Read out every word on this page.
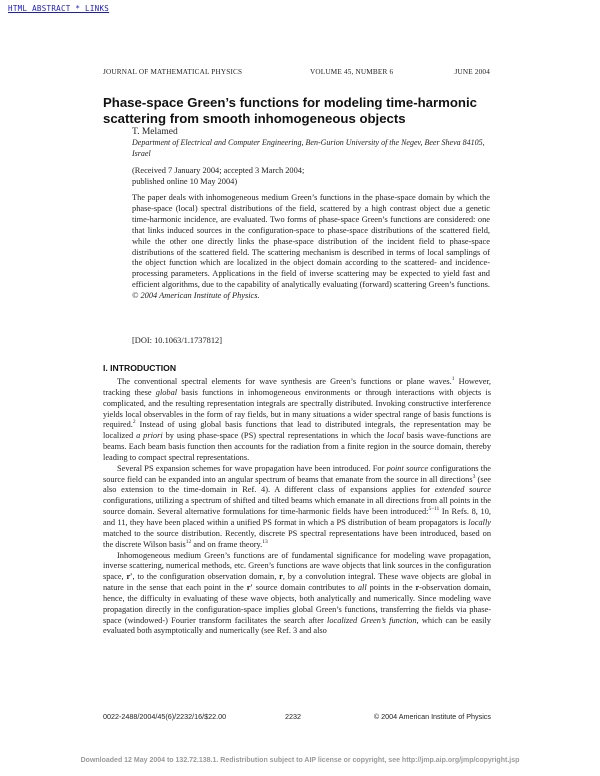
HTML ABSTRACT * LINKS
JOURNAL OF MATHEMATICAL PHYSICS	VOLUME 45, NUMBER 6	JUNE 2004
Phase-space Green’s functions for modeling time-harmonic scattering from smooth inhomogeneous objects
T. Melamed
Department of Electrical and Computer Engineering, Ben-Gurion University of the Negev, Beer Sheva 84105, Israel

(Received 7 January 2004; accepted 3 March 2004;

published online 10 May 2004)

The paper deals with inhomogeneous medium Green’s functions in the phase-space domain by which the phase-space (local) spectral distributions of the field, scattered by a high contrast object due a genetic time-harmonic incidence, are evaluated. Two forms of phase-space Green’s functions are considered: one that links induced sources in the configuration-space to phase-space distributions of the scattered field, while the other one directly links the phase-space distribution of the incident field to phase-space distributions of the scattered field. The scattering mechanism is described in terms of local samplings of the object function which are localized in the object domain according to the scattered- and incidence-processing parameters. Applications in the field of inverse scattering may be expected to yield fast and efficient algorithms, due to the capability of analytically evaluating (forward) scattering Green’s functions. © 2004 American Institute of Physics.

[DOI: 10.1063/1.1737812]
I. INTRODUCTION

The conventional spectral elements for wave synthesis are Green’s functions or plane waves.$^1$ However, tracking these global basis functions in inhomogeneous environments or through interactions with objects is complicated, and the resulting representation integrals are spectrally distributed. Invoking constructive interference yields local observables in the form of ray fields, but in many situations a wider spectral range of basis functions is required.$^2$ Instead of using global basis functions that lead to distributed integrals, the representation may be localized a priori by using phase-space (PS) spectral representations in which the local basis wave-functions are beams. Each beam basis function then accounts for the radiation from a finite region in the source domain, thereby leading to compact spectral representations.

Several PS expansion schemes for wave propagation have been introduced. For point source configurations the source field can be expanded into an angular spectrum of beams that emanate from the source in all directions$^3$ (see also extension to the time-domain in Ref. 4). A different class of expansions applies for extended source configurations, utilizing a spectrum of shifted and tilted beams which emanate in all directions from all points in the source domain. Several alternative formulations for time-harmonic fields have been introduced:$^{5-11}$ In Refs. 8, 10, and 11, they have been placed within a unified PS format in which a PS distribution of beam propagators is locally matched to the source distribution. Recently, discrete PS spectral representations have been introduced, based on the discrete Wilson basis$^{12}$ and on frame theory.$^{13}$

Inhomogeneous medium Green’s functions are of fundamental significance for modeling wave propagation, inverse scattering, numerical methods, etc. Green’s functions are wave objects that link sources in the configuration space, r′, to the configuration observation domain, r, by a convolution integral. These wave objects are global in nature in the sense that each point in the r′ source domain contributes to all points in the r-observation domain, hence, the difficulty in evaluating of these wave objects, both analytically and numerically. Since modeling wave propagation directly in the configuration-space implies global Green’s functions, transferring the fields via phase-space (windowed-) Fourier transform facilitates the search after localized Green’s function, which can be easily evaluated both asymptotically and numerically (see Ref. 3 and also

0022-2488/2004/45(6)/2232/16/$22.00	2232	© 2004 American Institute of Physics
Downloaded 12 May 2004 to 132.72.138.1. Redistribution subject to AIP license or copyright, see http://jmp.aip.org/jmp/copyright.jsp
